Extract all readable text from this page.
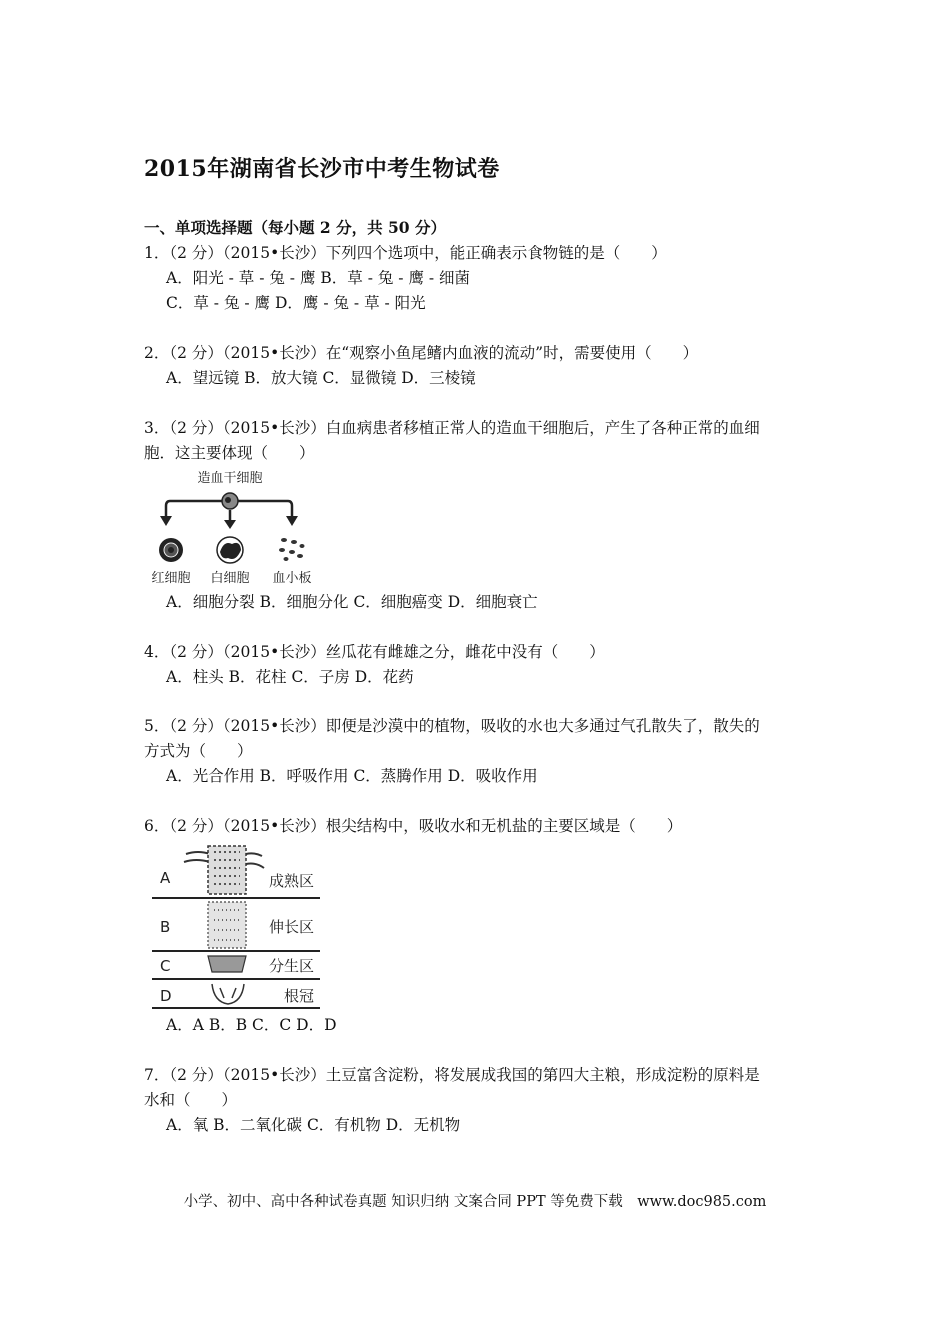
2015年湖南省长沙市中考生物试卷
一、单项选择题（每小题 2 分，共 50 分）
1．（2 分）（2015•长沙）下列四个选项中，能正确表示食物链的是（　　）
A．阳光 - 草 - 兔 - 鹰 B．草 - 兔 - 鹰 - 细菌
C．草 - 兔 - 鹰 D．鹰 - 兔 - 草 - 阳光
2．（2 分）（2015•长沙）在“观察小鱼尾鳍内血液的流动”时，需要使用（　　）
A．望远镜 B．放大镜 C．显微镜 D．三棱镜
3．（2 分）（2015•长沙）白血病患者移植正常人的造血干细胞后，产生了各种正常的血细
胞．这主要体现（　　）
造血干细胞
红细胞 白细胞 血小板
A．细胞分裂 B．细胞分化 C．细胞癌变 D．细胞衰亡
4．（2 分）（2015•长沙）丝瓜花有雌雄之分，雌花中没有（　　）
A．柱头 B．花柱 C．子房 D．花药
5．（2 分）（2015•长沙）即便是沙漠中的植物，吸收的水也大多通过气孔散失了，散失的
方式为（　　）
A．光合作用 B．呼吸作用 C．蒸腾作用 D．吸收作用
6．（2 分）（2015•长沙）根尖结构中，吸收水和无机盐的主要区域是（　　）
A
B
C
D
成熟区
伸长区
分生区
根冠
A．A B．B C．C D．D
7．（2 分）（2015•长沙）土豆富含淀粉，将发展成我国的第四大主粮，形成淀粉的原料是
水和（　　）
A．氧 B．二氧化碳 C．有机物 D．无机物
小学、初中、高中各种试卷真题 知识归纳 文案合同 PPT 等免费下载　www.doc985.com
